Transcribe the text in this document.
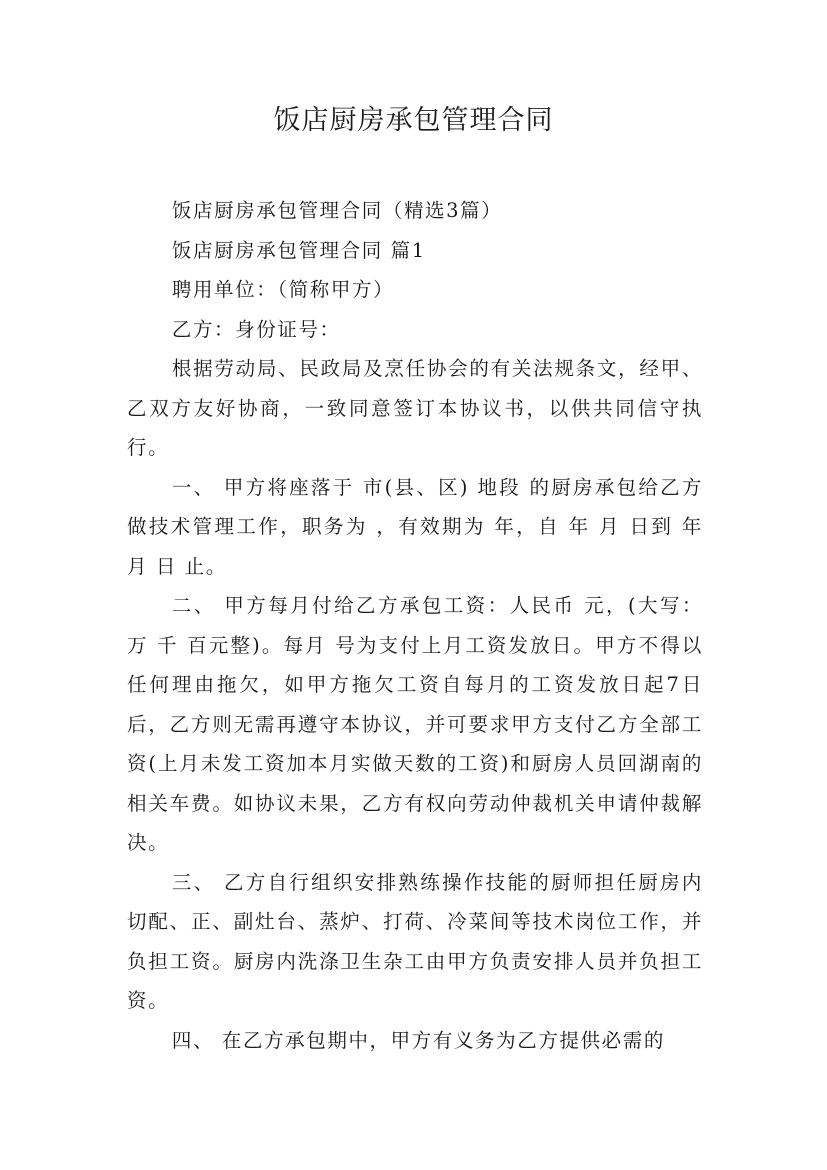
饭店厨房承包管理合同

饭店厨房承包管理合同（精选3篇）

饭店厨房承包管理合同 篇1

聘用单位：（简称甲方）

乙方：身份证号：

根据劳动局、民政局及烹任协会的有关法规条文，经甲、乙双方友好协商，一致同意签订本协议书，以供共同信守执行。

一、 甲方将座落于 市(县、区) 地段 的厨房承包给乙方做技术管理工作，职务为 ，有效期为 年，自 年 月 日到 年 月 日 止。

二、 甲方每月付给乙方承包工资：人民币 元，(大写：万 千 百元整)。每月 号为支付上月工资发放日。甲方不得以任何理由拖欠，如甲方拖欠工资自每月的工资发放日起7日后，乙方则无需再遵守本协议，并可要求甲方支付乙方全部工资(上月未发工资加本月实做天数的工资)和厨房人员回湖南的相关车费。如协议未果，乙方有权向劳动仲裁机关申请仲裁解决。

三、 乙方自行组织安排熟练操作技能的厨师担任厨房内切配、正、副灶台、蒸炉、打荷、冷菜间等技术岗位工作，并负担工资。厨房内洗涤卫生杂工由甲方负责安排人员并负担工资。

四、 在乙方承包期中，甲方有义务为乙方提供必需的
